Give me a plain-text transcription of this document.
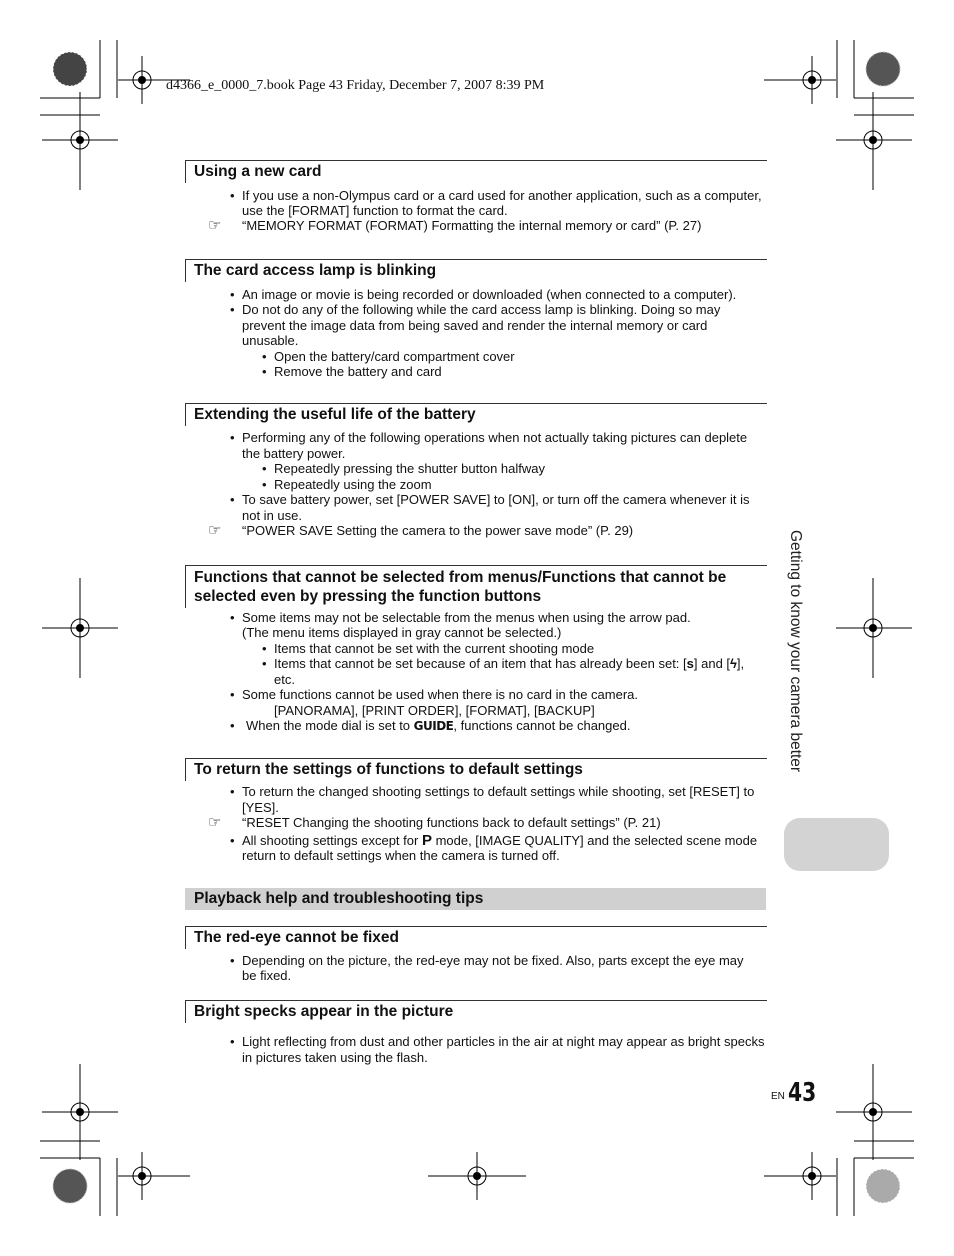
d4366_e_0000_7.book Page 43 Friday, December 7, 2007 8:39 PM
Using a new card
• If you use a non-Olympus card or a card used for another application, such as a computer,
use the [FORMAT] function to format the card.
☞ “MEMORY FORMAT (FORMAT) Formatting the internal memory or card” (P. 27)
The card access lamp is blinking
• An image or movie is being recorded or downloaded (when connected to a computer).
• Do not do any of the following while the card access lamp is blinking. Doing so may
prevent the image data from being saved and render the internal memory or card
unusable.
• Open the battery/card compartment cover
• Remove the battery and card
Extending the useful life of the battery
• Performing any of the following operations when not actually taking pictures can deplete
the battery power.
• Repeatedly pressing the shutter button halfway
• Repeatedly using the zoom
• To save battery power, set [POWER SAVE] to [ON], or turn off the camera whenever it is
not in use.
☞ “POWER SAVE Setting the camera to the power save mode” (P. 29)
Functions that cannot be selected from menus/Functions that cannot be selected even by pressing the function buttons
• Some items may not be selectable from the menus when using the arrow pad.
(The menu items displayed in gray cannot be selected.)
• Items that cannot be set with the current shooting mode
• Items that cannot be set because of an item that has already been set: [s] and [ϟ],
etc.
• Some functions cannot be used when there is no card in the camera.
[PANORAMA], [PRINT ORDER], [FORMAT], [BACKUP]
• When the mode dial is set to GUIDE, functions cannot be changed.
To return the settings of functions to default settings
• To return the changed shooting settings to default settings while shooting, set [RESET] to
[YES].
☞ “RESET Changing the shooting functions back to default settings” (P. 21)
• All shooting settings except for P mode, [IMAGE QUALITY] and the selected scene mode
return to default settings when the camera is turned off.
Playback help and troubleshooting tips
The red-eye cannot be fixed
• Depending on the picture, the red-eye may not be fixed. Also, parts except the eye may
be fixed.
Bright specks appear in the picture
• Light reflecting from dust and other particles in the air at night may appear as bright specks
in pictures taken using the flash.
Getting to know your camera better
EN 43
